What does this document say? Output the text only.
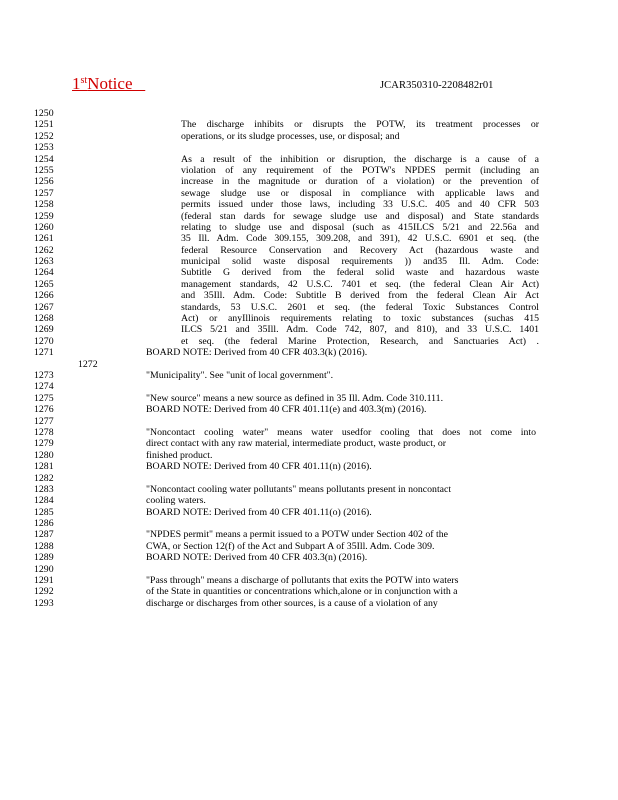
1stNotice	JCAR350310-2208482r01
1250
1251	The discharge inhibits or disrupts the POTW, its treatment processes or
1252	operations, or its sludge processes, use, or disposal; and
1253
1254	As a result of the inhibition or disruption, the discharge is a cause of a
1255	violation of any requirement of the POTW's NPDES permit (including an
1256	increase in the magnitude or duration of a violation) or the prevention of
1257	sewage sludge use or disposal in compliance with applicable laws and
1258	permits issued under those laws, including 33 U.S.C. 405 and 40 CFR 503
1259	(federal stan dards for sewage sludge use and disposal) and State standards
1260	relating to sludge use and disposal (such as 415ILCS 5/21 and 22.56a and
1261	35 Ill. Adm. Code 309.155, 309.208, and 391), 42 U.S.C. 6901 et seq. (the
1262	federal Resource Conservation and Recovery Act (hazardous waste and
1263	municipal solid waste disposal requirements )) and35 Ill. Adm. Code:
1264	Subtitle G derived from the federal solid waste and hazardous waste
1265	management standards, 42 U.S.C. 7401 et seq. (the federal Clean Air Act)
1266	and 35Ill. Adm. Code: Subtitle B derived from the federal Clean Air Act
1267	standards, 53 U.S.C. 2601 et seq. (the federal Toxic Substances Control
1268	Act) or anyIllinois requirements relating to toxic substances (suchas 415
1269	ILCS 5/21 and 35Ill. Adm. Code 742, 807, and 810), and 33 U.S.C. 1401
1270	et seq. (the federal Marine Protection, Research, and Sanctuaries Act) .
1271	BOARD NOTE: Derived from 40 CFR 403.3(k) (2016).
1272
1273	"Municipality". See "unit of local government".
1274
1275	"New source" means a new source as defined in 35 Ill. Adm. Code 310.111.
1276	BOARD NOTE: Derived from 40 CFR 401.11(e) and 403.3(m) (2016).
1277
1278	"Noncontact cooling water" means water usedfor cooling that does not come into
1279	direct contact with any raw material, intermediate product, waste product, or
1280	finished product.
1281	BOARD NOTE: Derived from 40 CFR 401.11(n) (2016).
1282
1283	"Noncontact cooling water pollutants" means pollutants present in noncontact
1284	cooling waters.
1285	BOARD NOTE: Derived from 40 CFR 401.11(o) (2016).
1286
1287	"NPDES permit" means a permit issued to a POTW under Section 402 of the
1288	CWA, or Section 12(f) of the Act and Subpart A of 35Ill. Adm. Code 309.
1289	BOARD NOTE: Derived from 40 CFR 403.3(n) (2016).
1290
1291	"Pass through" means a discharge of pollutants that exits the POTW into waters
1292	of the State in quantities or concentrations which,alone or in conjunction with a
1293	discharge or discharges from other sources, is a cause of a violation of any
